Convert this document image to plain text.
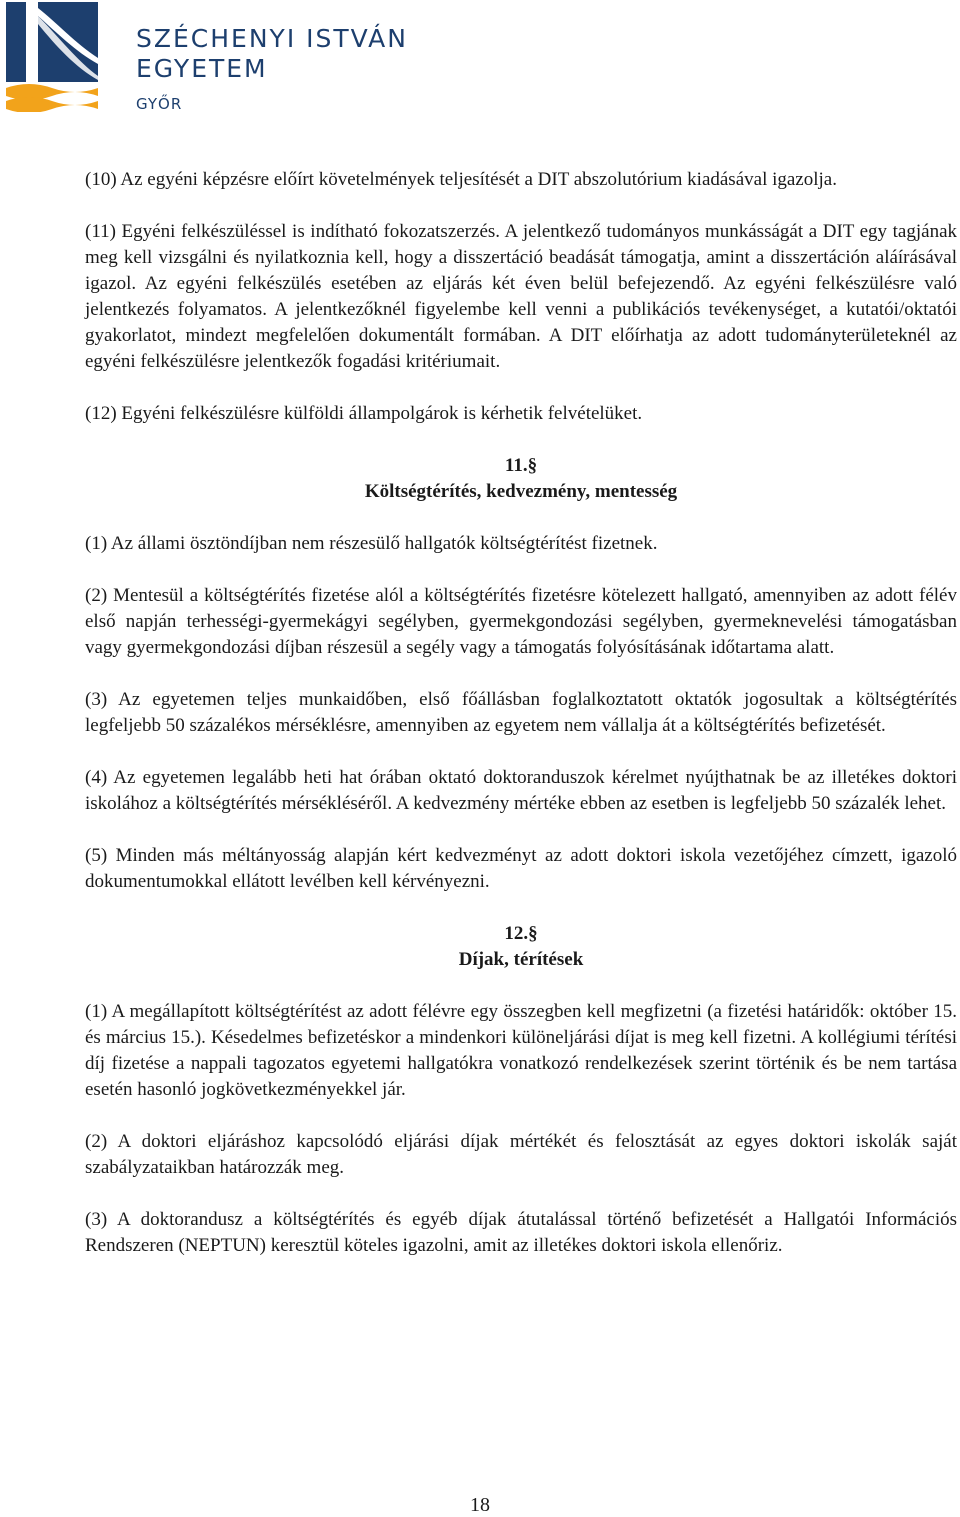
SZÉCHENYI ISTVÁN
EGYETEM
GYŐR

(10) Az egyéni képzésre előírt követelmények teljesítését a DIT abszolutórium kiadásával igazolja.

(11) Egyéni felkészüléssel is indítható fokozatszerzés. A jelentkező tudományos munkásságát a DIT egy tagjának meg kell vizsgálni és nyilatkoznia kell, hogy a disszertáció beadását támogatja, amint a disszertáción aláírásával igazol. Az egyéni felkészülés esetében az eljárás két éven belül befejezendő. Az egyéni felkészülésre való jelentkezés folyamatos. A jelentkezőknél figyelembe kell venni a publikációs tevékenységet, a kutatói/oktatói gyakorlatot, mindezt megfelelően dokumentált formában. A DIT előírhatja az adott tudományterületeknél az egyéni felkészülésre jelentkezők fogadási kritériumait.

(12) Egyéni felkészülésre külföldi állampolgárok is kérhetik felvételüket.

11.§
Költségtérítés, kedvezmény, mentesség

(1) Az állami ösztöndíjban nem részesülő hallgatók költségtérítést fizetnek.

(2) Mentesül a költségtérítés fizetése alól a költségtérítés fizetésre kötelezett hallgató, amennyiben az adott félév első napján terhességi-gyermekágyi segélyben, gyermekgondozási segélyben, gyermeknevelési támogatásban vagy gyermekgondozási díjban részesül a segély vagy a támogatás folyósításának időtartama alatt.

(3) Az egyetemen teljes munkaidőben, első főállásban foglalkoztatott oktatók jogosultak a költségtérítés legfeljebb 50 százalékos mérséklésre, amennyiben az egyetem nem vállalja át a költségtérítés befizetését.

(4) Az egyetemen legalább heti hat órában oktató doktoranduszok kérelmet nyújthatnak be az illetékes doktori iskolához a költségtérítés mérsékléséről. A kedvezmény mértéke ebben az esetben is legfeljebb 50 százalék lehet.

(5) Minden más méltányosság alapján kért kedvezményt az adott doktori iskola vezetőjéhez címzett, igazoló dokumentumokkal ellátott levélben kell kérvényezni.

12.§
Díjak, térítések

(1) A megállapított költségtérítést az adott félévre egy összegben kell megfizetni (a fizetési határidők: október 15. és március 15.). Késedelmes befizetéskor a mindenkori különeljárási díjat is meg kell fizetni. A kollégiumi térítési díj fizetése a nappali tagozatos egyetemi hallgatókra vonatkozó rendelkezések szerint történik és be nem tartása esetén hasonló jogkövetkezményekkel jár.

(2) A doktori eljáráshoz kapcsolódó eljárási díjak mértékét és felosztását az egyes doktori iskolák saját szabályzataikban határozzák meg.

(3) A doktorandusz a költségtérítés és egyéb díjak átutalással történő befizetését a Hallgatói Információs Rendszeren (NEPTUN) keresztül köteles igazolni, amit az illetékes doktori iskola ellenőriz.

18
